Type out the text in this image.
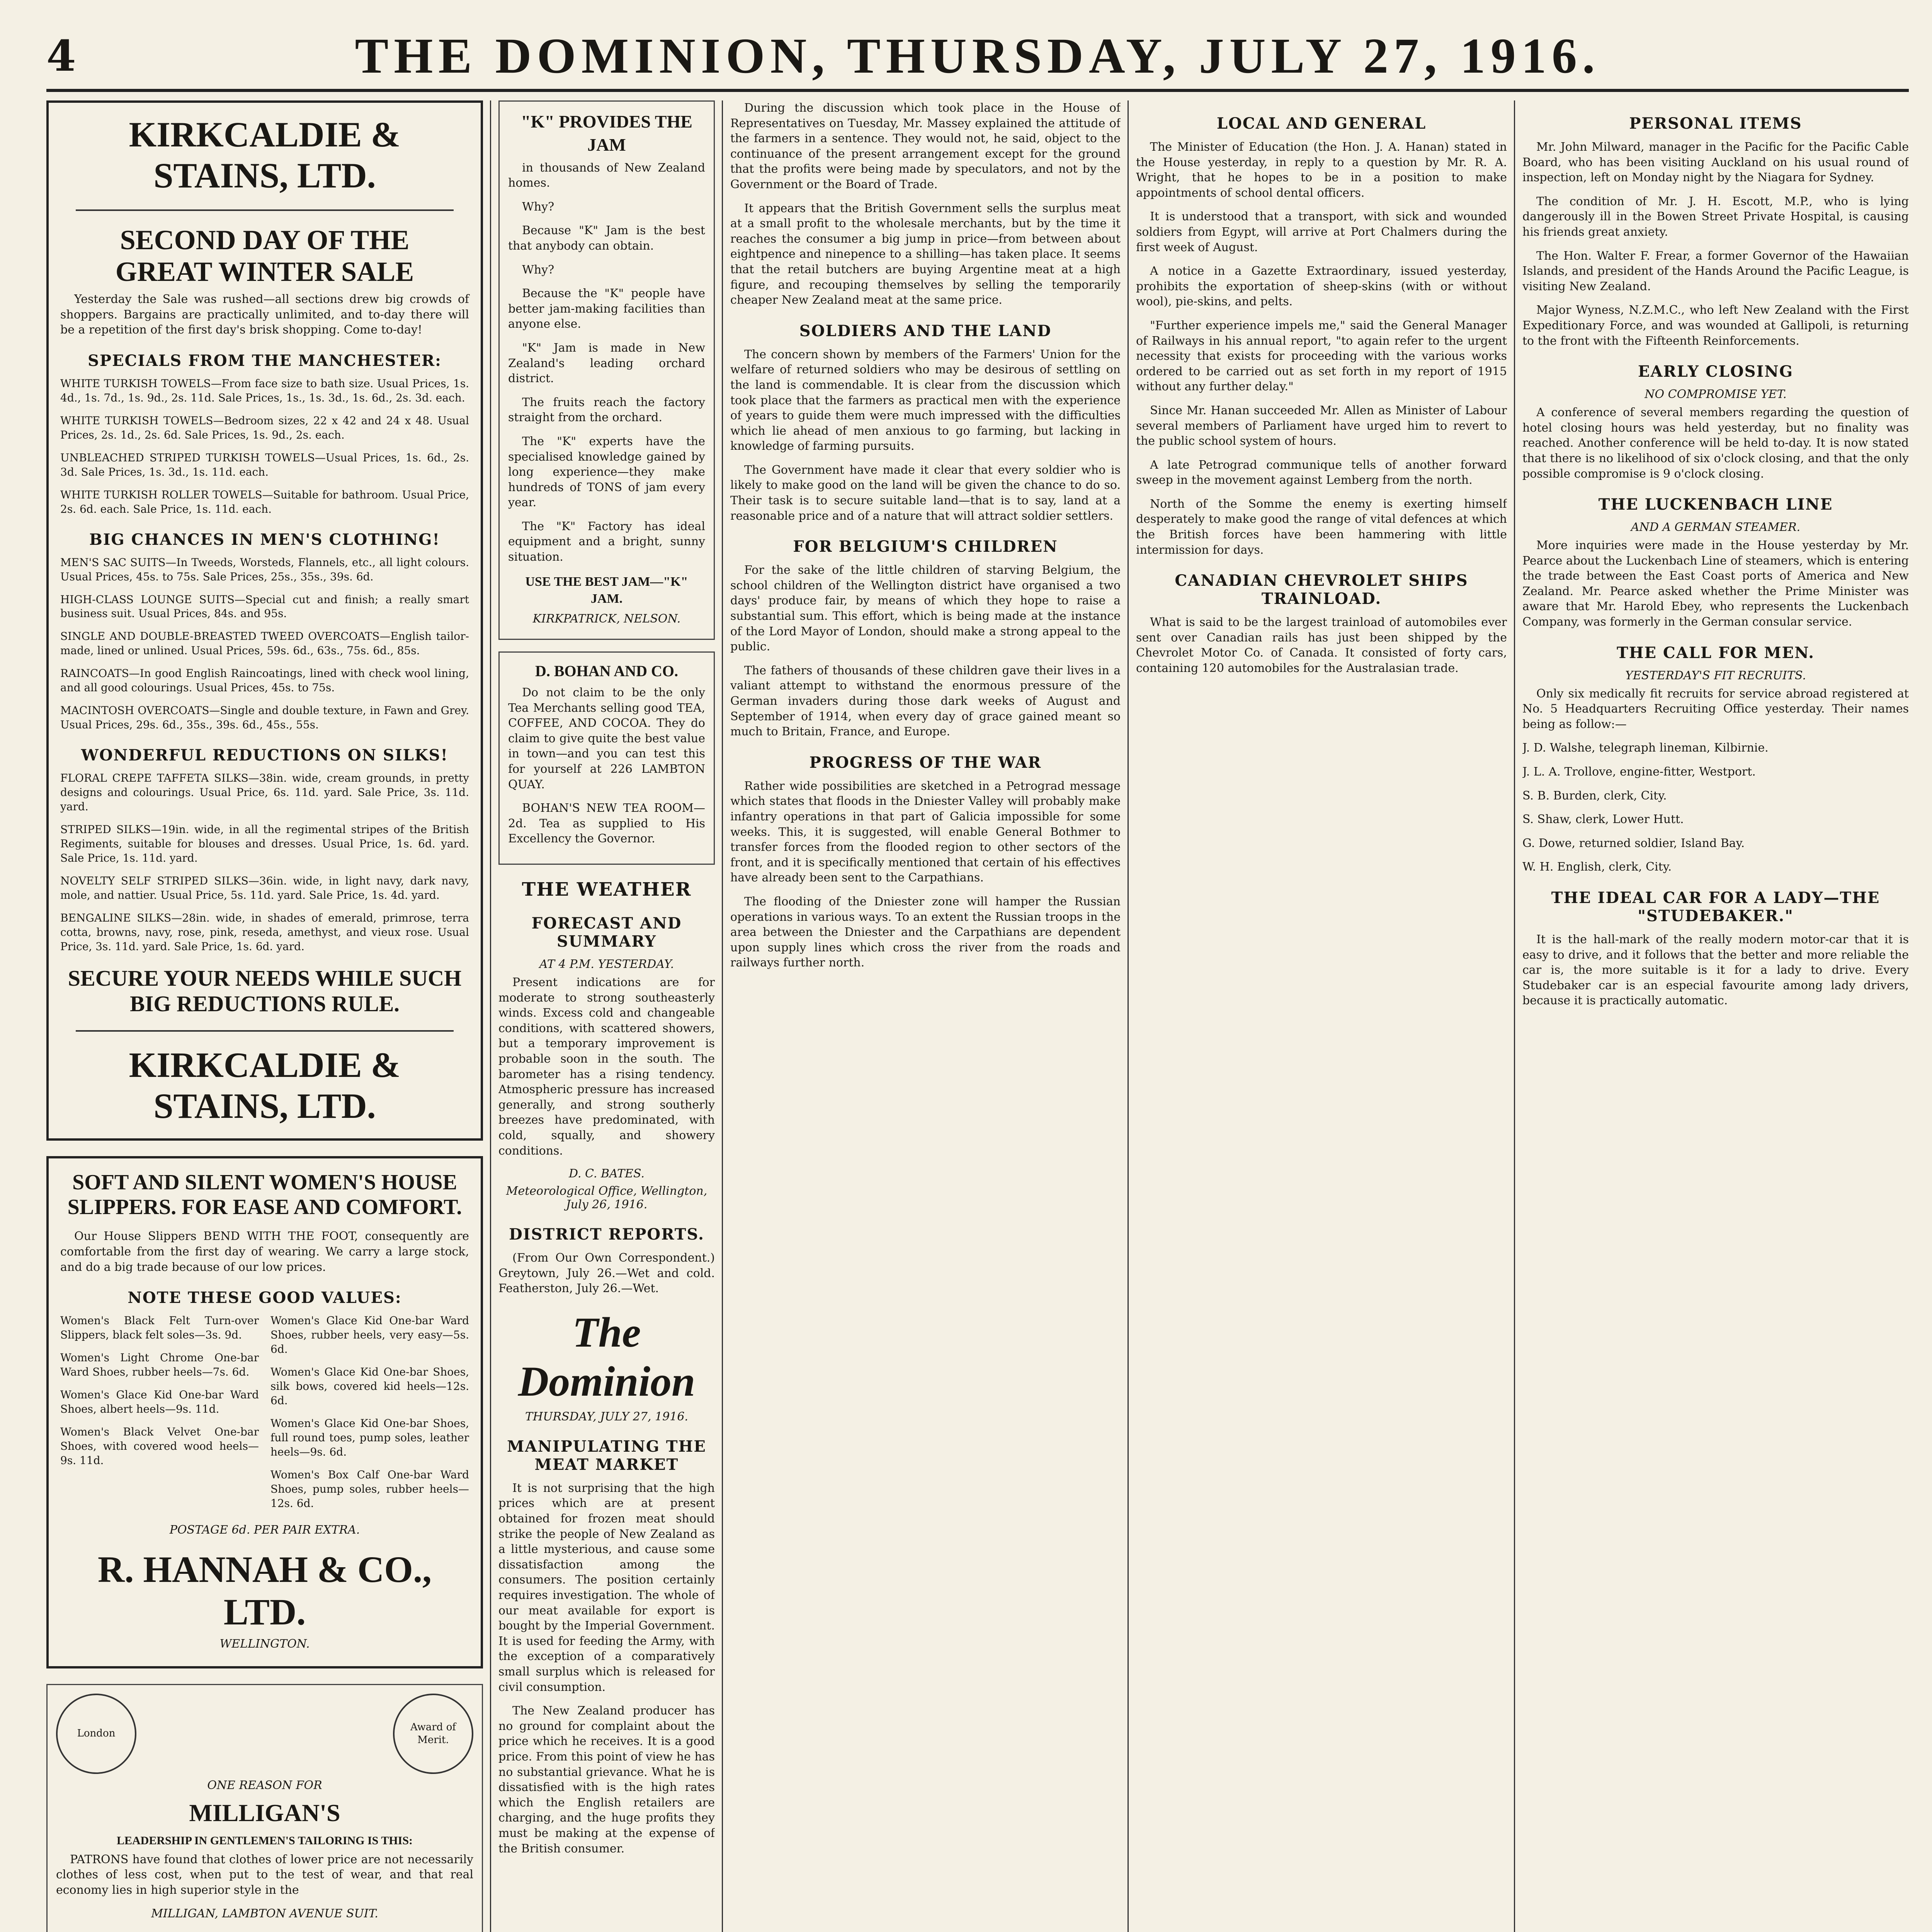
4	THE DOMINION, THURSDAY, JULY 27, 1916.
KIRKCALDIE & STAINS, LTD.
SECOND DAY OF THE GREAT WINTER SALE

Yesterday the Sale was rushed—all sections drew big crowds of shoppers. Bargains are practically unlimited, and to-day there will be a repetition of the first day's brisk shopping. Come to-day!

SPECIALS FROM THE MANCHESTER:

WHITE TURKISH TOWELS—From face size to bath size. Usual Prices, 1s. 4d., 1s. 7d., 1s. 9d., 2s. 11d. Sale Prices, 1s., 1s. 3d., 1s. 6d., 2s. 3d. each.

WHITE TURKISH TOWELS—Bedroom sizes, 22 x 42 and 24 x 48. Usual Prices, 2s. 1d., 2s. 6d. Sale Prices, 1s. 9d., 2s. each.

UNBLEACHED STRIPED TURKISH TOWELS—Usual Prices, 1s. 6d., 2s. 3d. Sale Prices, 1s. 3d., 1s. 11d. each.

WHITE TURKISH ROLLER TOWELS—Suitable for bathroom. Usual Price, 2s. 6d. each. Sale Price, 1s. 11d. each.

BIG CHANCES IN MEN'S CLOTHING!

MEN'S SAC SUITS—In Tweeds, Worsteds, Flannels, etc., all light colours. Usual Prices, 45s. to 75s. Sale Prices, 25s., 35s., 39s. 6d.

HIGH-CLASS LOUNGE SUITS—Special cut and finish; a really smart business suit. Usual Prices, 84s. and 95s.

SINGLE AND DOUBLE-BREASTED TWEED OVERCOATS—English tailor-made, lined or unlined. Usual Prices, 59s. 6d., 63s., 75s. 6d., 85s.

RAINCOATS—In good English Raincoatings, lined with check wool lining, and all good colourings. Usual Prices, 45s. to 75s.

MACINTOSH OVERCOATS—Single and double texture, in Fawn and Grey. Usual Prices, 29s. 6d., 35s., 39s. 6d., 45s., 55s.

WONDERFUL REDUCTIONS ON SILKS!

FLORAL CREPE TAFFETA SILKS—38in. wide, cream grounds, in pretty designs and colourings. Usual Price, 6s. 11d. yard. Sale Price, 3s. 11d. yard.

STRIPED SILKS—19in. wide, in all the regimental stripes of the British Regiments, suitable for blouses and dresses. Usual Price, 1s. 6d. yard. Sale Price, 1s. 11d. yard.

NOVELTY SELF STRIPED SILKS—36in. wide, in light navy, dark navy, mole, and nattier. Usual Price, 5s. 11d. yard. Sale Price, 1s. 4d. yard.

BENGALINE SILKS—28in. wide, in shades of emerald, primrose, terra cotta, browns, navy, rose, pink, reseda, amethyst, and vieux rose. Usual Price, 3s. 11d. yard. Sale Price, 1s. 6d. yard.

SECURE YOUR NEEDS WHILE SUCH BIG REDUCTIONS RULE.
KIRKCALDIE & STAINS, LTD.
SOFT AND SILENT WOMEN'S HOUSE SLIPPERS. FOR EASE AND COMFORT.

Our House Slippers BEND WITH THE FOOT, consequently are comfortable from the first day of wearing. We carry a large stock, and do a big trade because of our low prices.

NOTE THESE GOOD VALUES:

Women's Black Felt Turn-over Slippers, black felt soles—3s. 9d.

Women's Light Chrome One-bar Ward Shoes, rubber heels—7s. 6d.

Women's Glace Kid One-bar Ward Shoes, albert heels—9s. 11d.

Women's Black Velvet One-bar Shoes, with covered wood heels—9s. 11d.

Women's Glace Kid One-bar Ward Shoes, rubber heels, very easy—5s. 6d.

Women's Glace Kid One-bar Shoes, silk bows, covered kid heels—12s. 6d.

Women's Glace Kid One-bar Shoes, full round toes, pump soles, leather heels—9s. 6d.

Women's Box Calf One-bar Ward Shoes, pump soles, rubber heels—12s. 6d.

POSTAGE 6d. PER PAIR EXTRA.
R. HANNAH & CO., LTD.
WELLINGTON.
London
Award of Merit.
ONE REASON FOR
MILLIGAN'S
LEADERSHIP IN GENTLEMEN'S TAILORING IS THIS:

PATRONS have found that clothes of lower price are not necessarily clothes of less cost, when put to the test of wear, and that real economy lies in high superior style in the

MILLIGAN, LAMBTON AVENUE SUIT.

"K" PROVIDES THE JAM

in thousands of New Zealand homes.

Why?

Because "K" Jam is the best that anybody can obtain.

Why?

Because the "K" people have better jam-making facilities than anyone else.

"K" Jam is made in New Zealand's leading orchard district.

The fruits reach the factory straight from the orchard.

The "K" experts have the specialised knowledge gained by long experience—they make hundreds of TONS of jam every year.

The "K" Factory has ideal equipment and a bright, sunny situation.

USE THE BEST JAM—"K" JAM.
KIRKPATRICK, NELSON.
D. BOHAN AND CO.

Do not claim to be the only Tea Merchants selling good TEA, COFFEE, AND COCOA. They do claim to give quite the best value in town—and you can test this for yourself at 226 LAMBTON QUAY.

BOHAN'S NEW TEA ROOM—2d. Tea as supplied to His Excellency the Governor.

THE WEATHER
FORECAST AND SUMMARY
AT 4 P.M. YESTERDAY.

Present indications are for moderate to strong southeasterly winds. Excess cold and changeable conditions, with scattered showers, but a temporary improvement is probable soon in the south. The barometer has a rising tendency. Atmospheric pressure has increased generally, and strong southerly breezes have predominated, with cold, squally, and showery conditions.

D. C. BATES.
Meteorological Office, Wellington, July 26, 1916.
DISTRICT REPORTS.

(From Our Own Correspondent.) Greytown, July 26.—Wet and cold. Featherston, July 26.—Wet.

The Dominion
THURSDAY, JULY 27, 1916.
MANIPULATING THE MEAT MARKET

It is not surprising that the high prices which are at present obtained for frozen meat should strike the people of New Zealand as a little mysterious, and cause some dissatisfaction among the consumers. The position certainly requires investigation. The whole of our meat available for export is bought by the Imperial Government. It is used for feeding the Army, with the exception of a comparatively small surplus which is released for civil consumption.

The New Zealand producer has no ground for complaint about the price which he receives. It is a good price. From this point of view he has no substantial grievance. What he is dissatisfied with is the high rates which the English retailers are charging, and the huge profits they must be making at the expense of the British consumer.

During the discussion which took place in the House of Representatives on Tuesday, Mr. Massey explained the attitude of the farmers in a sentence. They would not, he said, object to the continuance of the present arrangement except for the ground that the profits were being made by speculators, and not by the Government or the Board of Trade.

It appears that the British Government sells the surplus meat at a small profit to the wholesale merchants, but by the time it reaches the consumer a big jump in price—from between about eightpence and ninepence to a shilling—has taken place. It seems that the retail butchers are buying Argentine meat at a high figure, and recouping themselves by selling the temporarily cheaper New Zealand meat at the same price.

SOLDIERS AND THE LAND

The concern shown by members of the Farmers' Union for the welfare of returned soldiers who may be desirous of settling on the land is commendable. It is clear from the discussion which took place that the farmers as practical men with the experience of years to guide them were much impressed with the difficulties which lie ahead of men anxious to go farming, but lacking in knowledge of farming pursuits.

The Government have made it clear that every soldier who is likely to make good on the land will be given the chance to do so. Their task is to secure suitable land—that is to say, land at a reasonable price and of a nature that will attract soldier settlers.

FOR BELGIUM'S CHILDREN

For the sake of the little children of starving Belgium, the school children of the Wellington district have organised a two days' produce fair, by means of which they hope to raise a substantial sum. This effort, which is being made at the instance of the Lord Mayor of London, should make a strong appeal to the public.

The fathers of thousands of these children gave their lives in a valiant attempt to withstand the enormous pressure of the German invaders during those dark weeks of August and September of 1914, when every day of grace gained meant so much to Britain, France, and Europe.

PROGRESS OF THE WAR

Rather wide possibilities are sketched in a Petrograd message which states that floods in the Dniester Valley will probably make infantry operations in that part of Galicia impossible for some weeks. This, it is suggested, will enable General Bothmer to transfer forces from the flooded region to other sectors of the front, and it is specifically mentioned that certain of his effectives have already been sent to the Carpathians.

The flooding of the Dniester zone will hamper the Russian operations in various ways. To an extent the Russian troops in the area between the Dniester and the Carpathians are dependent upon supply lines which cross the river from the roads and railways further north.

LOCAL AND GENERAL

The Minister of Education (the Hon. J. A. Hanan) stated in the House yesterday, in reply to a question by Mr. R. A. Wright, that he hopes to be in a position to make appointments of school dental officers.

It is understood that a transport, with sick and wounded soldiers from Egypt, will arrive at Port Chalmers during the first week of August.

A notice in a Gazette Extraordinary, issued yesterday, prohibits the exportation of sheep-skins (with or without wool), pie-skins, and pelts.

"Further experience impels me," said the General Manager of Railways in his annual report, "to again refer to the urgent necessity that exists for proceeding with the various works ordered to be carried out as set forth in my report of 1915 without any further delay."

Since Mr. Hanan succeeded Mr. Allen as Minister of Labour several members of Parliament have urged him to revert to the public school system of hours.

A late Petrograd communique tells of another forward sweep in the movement against Lemberg from the north.

North of the Somme the enemy is exerting himself desperately to make good the range of vital defences at which the British forces have been hammering with little intermission for days.

CANADIAN CHEVROLET SHIPS TRAINLOAD.

What is said to be the largest trainload of automobiles ever sent over Canadian rails has just been shipped by the Chevrolet Motor Co. of Canada. It consisted of forty cars, containing 120 automobiles for the Australasian trade.

PERSONAL ITEMS

Mr. John Milward, manager in the Pacific for the Pacific Cable Board, who has been visiting Auckland on his usual round of inspection, left on Monday night by the Niagara for Sydney.

The condition of Mr. J. H. Escott, M.P., who is lying dangerously ill in the Bowen Street Private Hospital, is causing his friends great anxiety.

The Hon. Walter F. Frear, a former Governor of the Hawaiian Islands, and president of the Hands Around the Pacific League, is visiting New Zealand.

Major Wyness, N.Z.M.C., who left New Zealand with the First Expeditionary Force, and was wounded at Gallipoli, is returning to the front with the Fifteenth Reinforcements.

EARLY CLOSING
NO COMPROMISE YET.

A conference of several members regarding the question of hotel closing hours was held yesterday, but no finality was reached. Another conference will be held to-day. It is now stated that there is no likelihood of six o'clock closing, and that the only possible compromise is 9 o'clock closing.

THE LUCKENBACH LINE
AND A GERMAN STEAMER.

More inquiries were made in the House yesterday by Mr. Pearce about the Luckenbach Line of steamers, which is entering the trade between the East Coast ports of America and New Zealand. Mr. Pearce asked whether the Prime Minister was aware that Mr. Harold Ebey, who represents the Luckenbach Company, was formerly in the German consular service.

THE CALL FOR MEN.
YESTERDAY'S FIT RECRUITS.

Only six medically fit recruits for service abroad registered at No. 5 Headquarters Recruiting Office yesterday. Their names being as follow:—

J. D. Walshe, telegraph lineman, Kilbirnie.

J. L. A. Trollove, engine-fitter, Westport.

S. B. Burden, clerk, City.

S. Shaw, clerk, Lower Hutt.

G. Dowe, returned soldier, Island Bay.

W. H. English, clerk, City.

THE IDEAL CAR FOR A LADY—THE "STUDEBAKER."

It is the hall-mark of the really modern motor-car that it is easy to drive, and it follows that the better and more reliable the car is, the more suitable is it for a lady to drive. Every Studebaker car is an especial favourite among lady drivers, because it is practically automatic.
